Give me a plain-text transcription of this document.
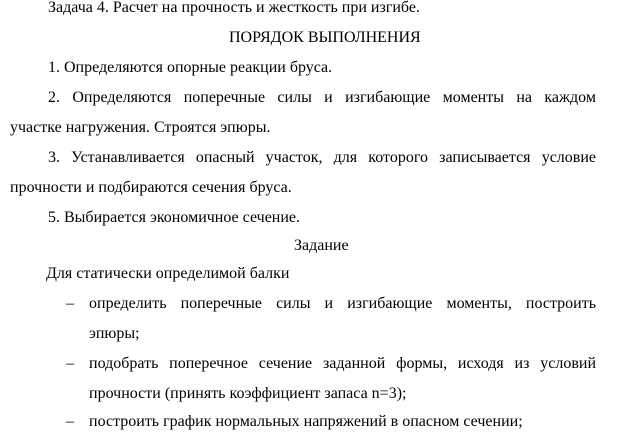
Задача 4. Расчет на прочность и жесткость при изгибе.
ПОРЯДОК ВЫПОЛНЕНИЯ
1. Определяются опорные реакции бруса.
2. Определяются поперечные силы и изгибающие моменты на каждом
участке нагружения. Строятся эпюры.
3. Устанавливается опасный участок, для которого записывается условие
прочности и подбираются сечения бруса.
5. Выбирается экономичное сечение.
Задание
Для статически определимой балки
– определить поперечные силы и изгибающие моменты, построить
эпюры;
– подобрать поперечное сечение заданной формы, исходя из условий
прочности (принять коэффициент запаса n=3);
– построить график нормальных напряжений в опасном сечении;
